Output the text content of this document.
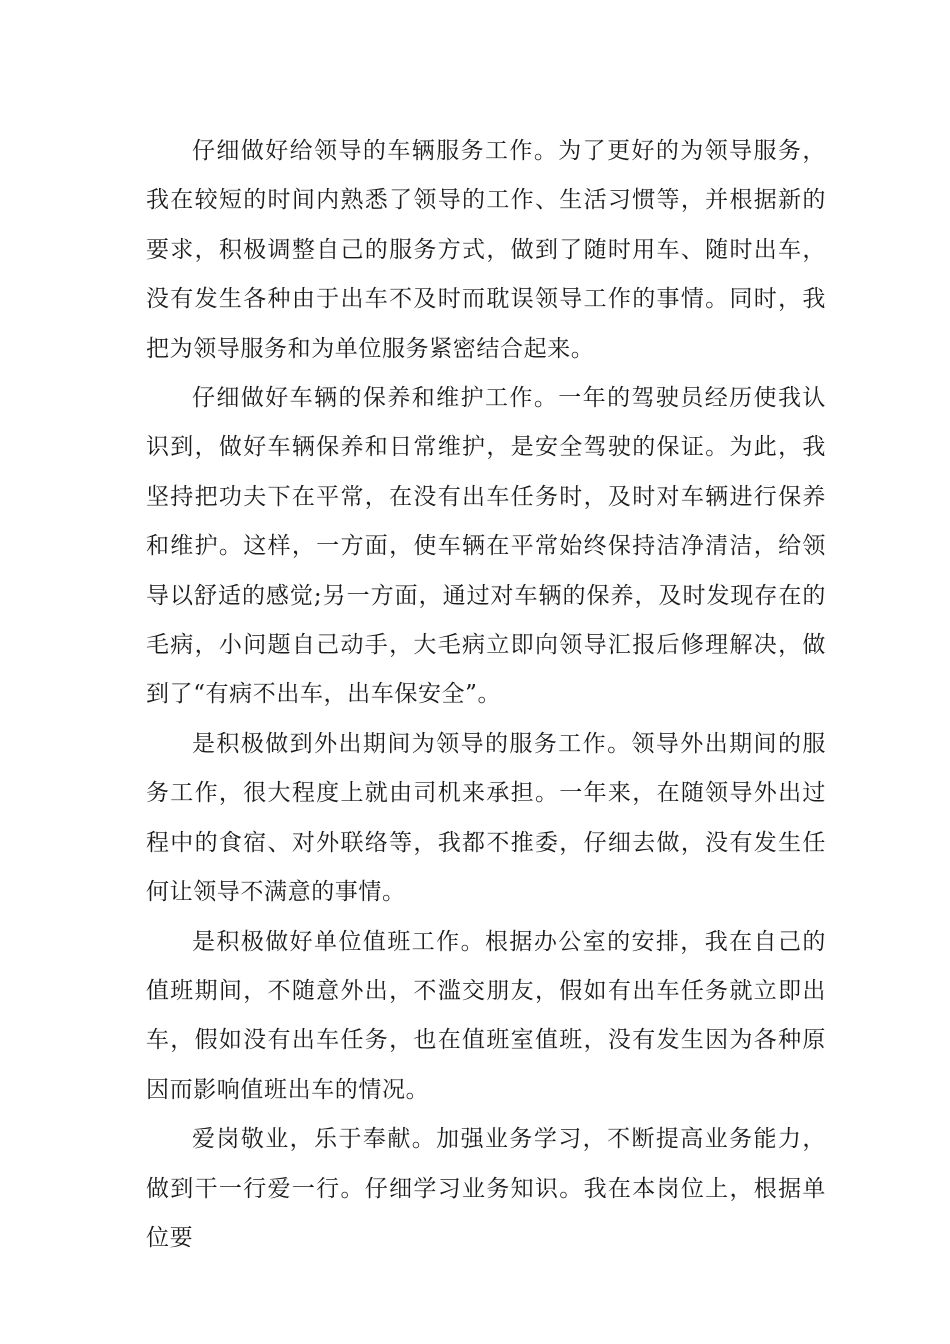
仔细做好给领导的车辆服务工作。为了更好的为领导服务，我在较短的时间内熟悉了领导的工作、生活习惯等，并根据新的要求，积极调整自己的服务方式，做到了随时用车、随时出车，没有发生各种由于出车不及时而耽误领导工作的事情。同时，我把为领导服务和为单位服务紧密结合起来。

仔细做好车辆的保养和维护工作。一年的驾驶员经历使我认识到，做好车辆保养和日常维护，是安全驾驶的保证。为此，我坚持把功夫下在平常，在没有出车任务时，及时对车辆进行保养和维护。这样，一方面，使车辆在平常始终保持洁净清洁，给领导以舒适的感觉;另一方面，通过对车辆的保养，及时发现存在的毛病，小问题自己动手，大毛病立即向领导汇报后修理解决，做到了“有病不出车，出车保安全”。

是积极做到外出期间为领导的服务工作。领导外出期间的服务工作，很大程度上就由司机来承担。一年来，在随领导外出过程中的食宿、对外联络等，我都不推委，仔细去做，没有发生任何让领导不满意的事情。

是积极做好单位值班工作。根据办公室的安排，我在自己的值班期间，不随意外出，不滥交朋友，假如有出车任务就立即出车，假如没有出车任务，也在值班室值班，没有发生因为各种原因而影响值班出车的情况。

爱岗敬业，乐于奉献。加强业务学习，不断提高业务能力，做到干一行爱一行。仔细学习业务知识。我在本岗位上，根据单位要
